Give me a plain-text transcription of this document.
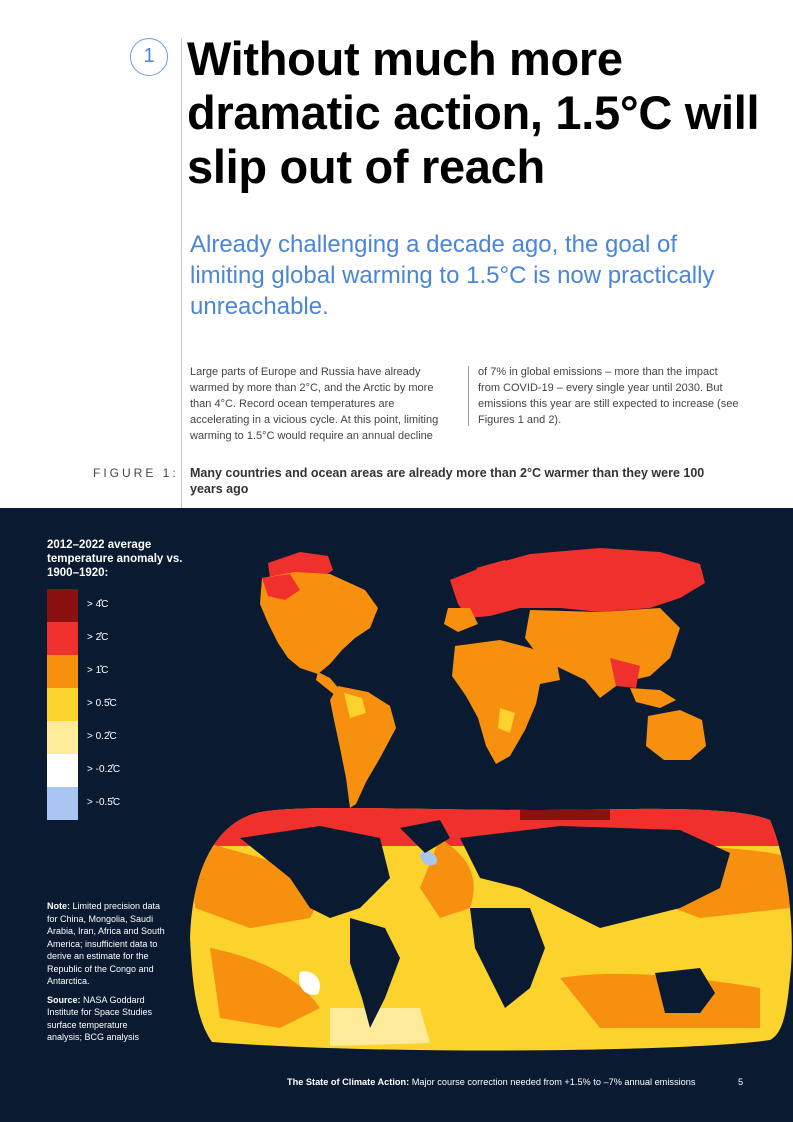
1 Without much more dramatic action, 1.5°C will slip out of reach
Already challenging a decade ago, the goal of limiting global warming to 1.5°C is now practically unreachable.

Large parts of Europe and Russia have already warmed by more than 2°C, and the Arctic by more than 4°C. Record ocean temperatures are accelerating in a vicious cycle. At this point, limiting warming to 1.5°C would require an annual decline

of 7% in global emissions – more than the impact from COVID-19 – every single year until 2030. But emissions this year are still expected to increase (see Figures 1 and 2).

FIGURE 1: Many countries and ocean areas are already more than 2°C warmer than they were 100 years ago
2012–2022 average temperature anomaly vs. 1900–1920:
> 4̊C
> 2̊C
> 1̊C
> 0.5̊C
> 0.2̊C
> -0.2̊C
> -0.5̊C

Note: Limited precision data for China, Mongolia, Saudi Arabia, Iran, Africa and South America; insufficient data to derive an estimate for the Republic of the Congo and Antarctica.

Source: NASA Goddard Institute for Space Studies surface temperature analysis; BCG analysis

The State of Climate Action: Major course correction needed from +1.5% to –7% annual emissions	5
